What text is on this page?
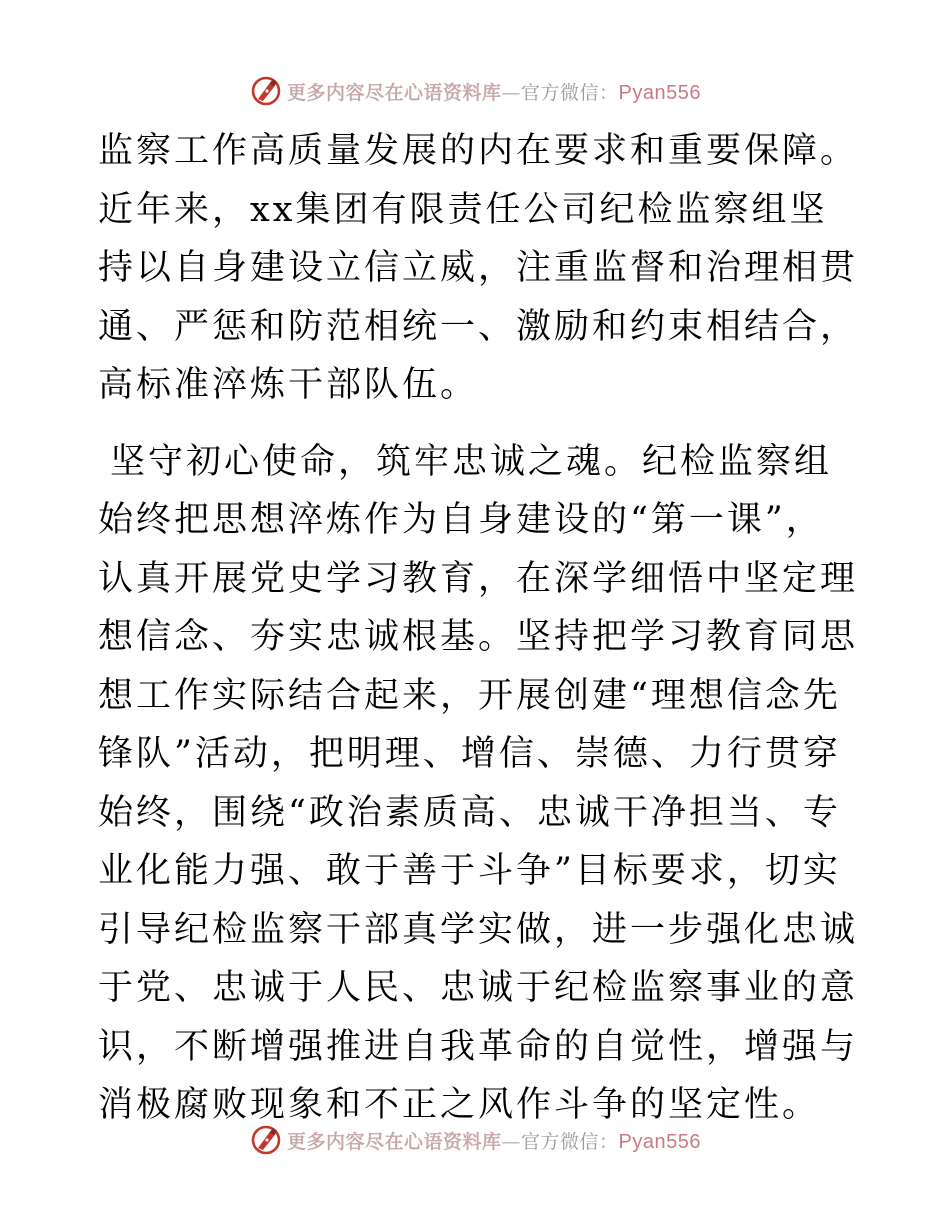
更多内容尽在心语资料库—官方微信：Pyan556

监察工作高质量发展的内在要求和重要保障。近年来，xx集团有限责任公司纪检监察组坚持以自身建设立信立威，注重监督和治理相贯通、严惩和防范相统一、激励和约束相结合，高标准淬炼干部队伍。

坚守初心使命，筑牢忠诚之魂。纪检监察组始终把思想淬炼作为自身建设的“第一课”，认真开展党史学习教育，在深学细悟中坚定理想信念、夯实忠诚根基。坚持把学习教育同思想工作实际结合起来，开展创建“理想信念先锋队”活动，把明理、增信、崇德、力行贯穿始终，围绕“政治素质高、忠诚干净担当、专业化能力强、敢于善于斗争”目标要求，切实引导纪检监察干部真学实做，进一步强化忠诚于党、忠诚于人民、忠诚于纪检监察事业的意识，不断增强推进自我革命的自觉性，增强与消极腐败现象和不正之风作斗争的坚定性。

更多内容尽在心语资料库—官方微信：Pyan556
